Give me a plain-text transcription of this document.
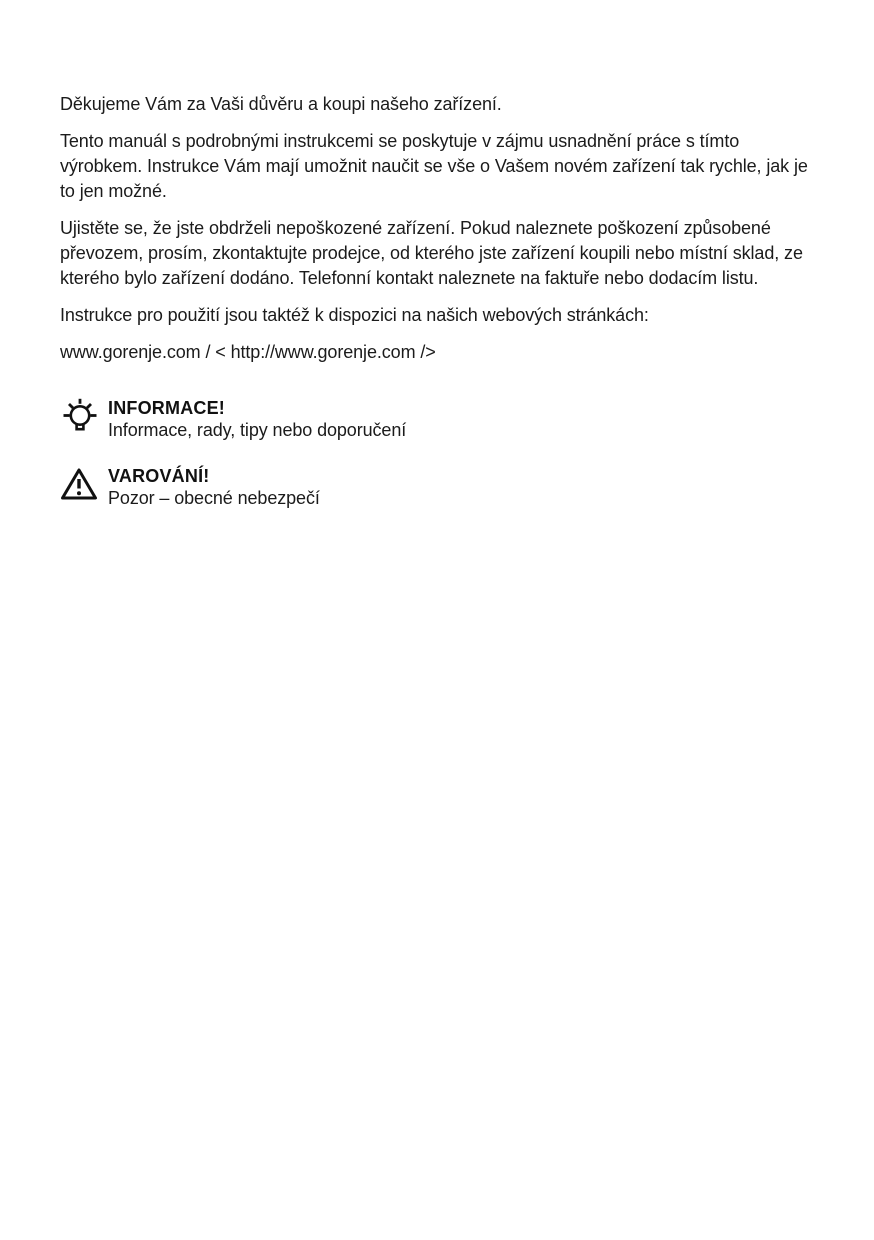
Děkujeme Vám za Vaši důvěru a koupi našeho zařízení.

Tento manuál s podrobnými instrukcemi se poskytuje v zájmu usnadnění práce s tímto výrobkem. Instrukce Vám mají umožnit naučit se vše o Vašem novém zařízení tak rychle, jak je to jen možné.

Ujistěte se, že jste obdrželi nepoškozené zařízení. Pokud naleznete poškození způsobené převozem, prosím, zkontaktujte prodejce, od kterého jste zařízení koupili nebo místní sklad, ze kterého bylo zařízení dodáno. Telefonní kontakt naleznete na faktuře nebo dodacím listu.

Instrukce pro použití jsou taktéž k dispozici na našich webových stránkách:

www.gorenje.com / < http://www.gorenje.com />

INFORMACE!
Informace, rady, tipy nebo doporučení
VAROVÁNÍ!
Pozor – obecné nebezpečí
